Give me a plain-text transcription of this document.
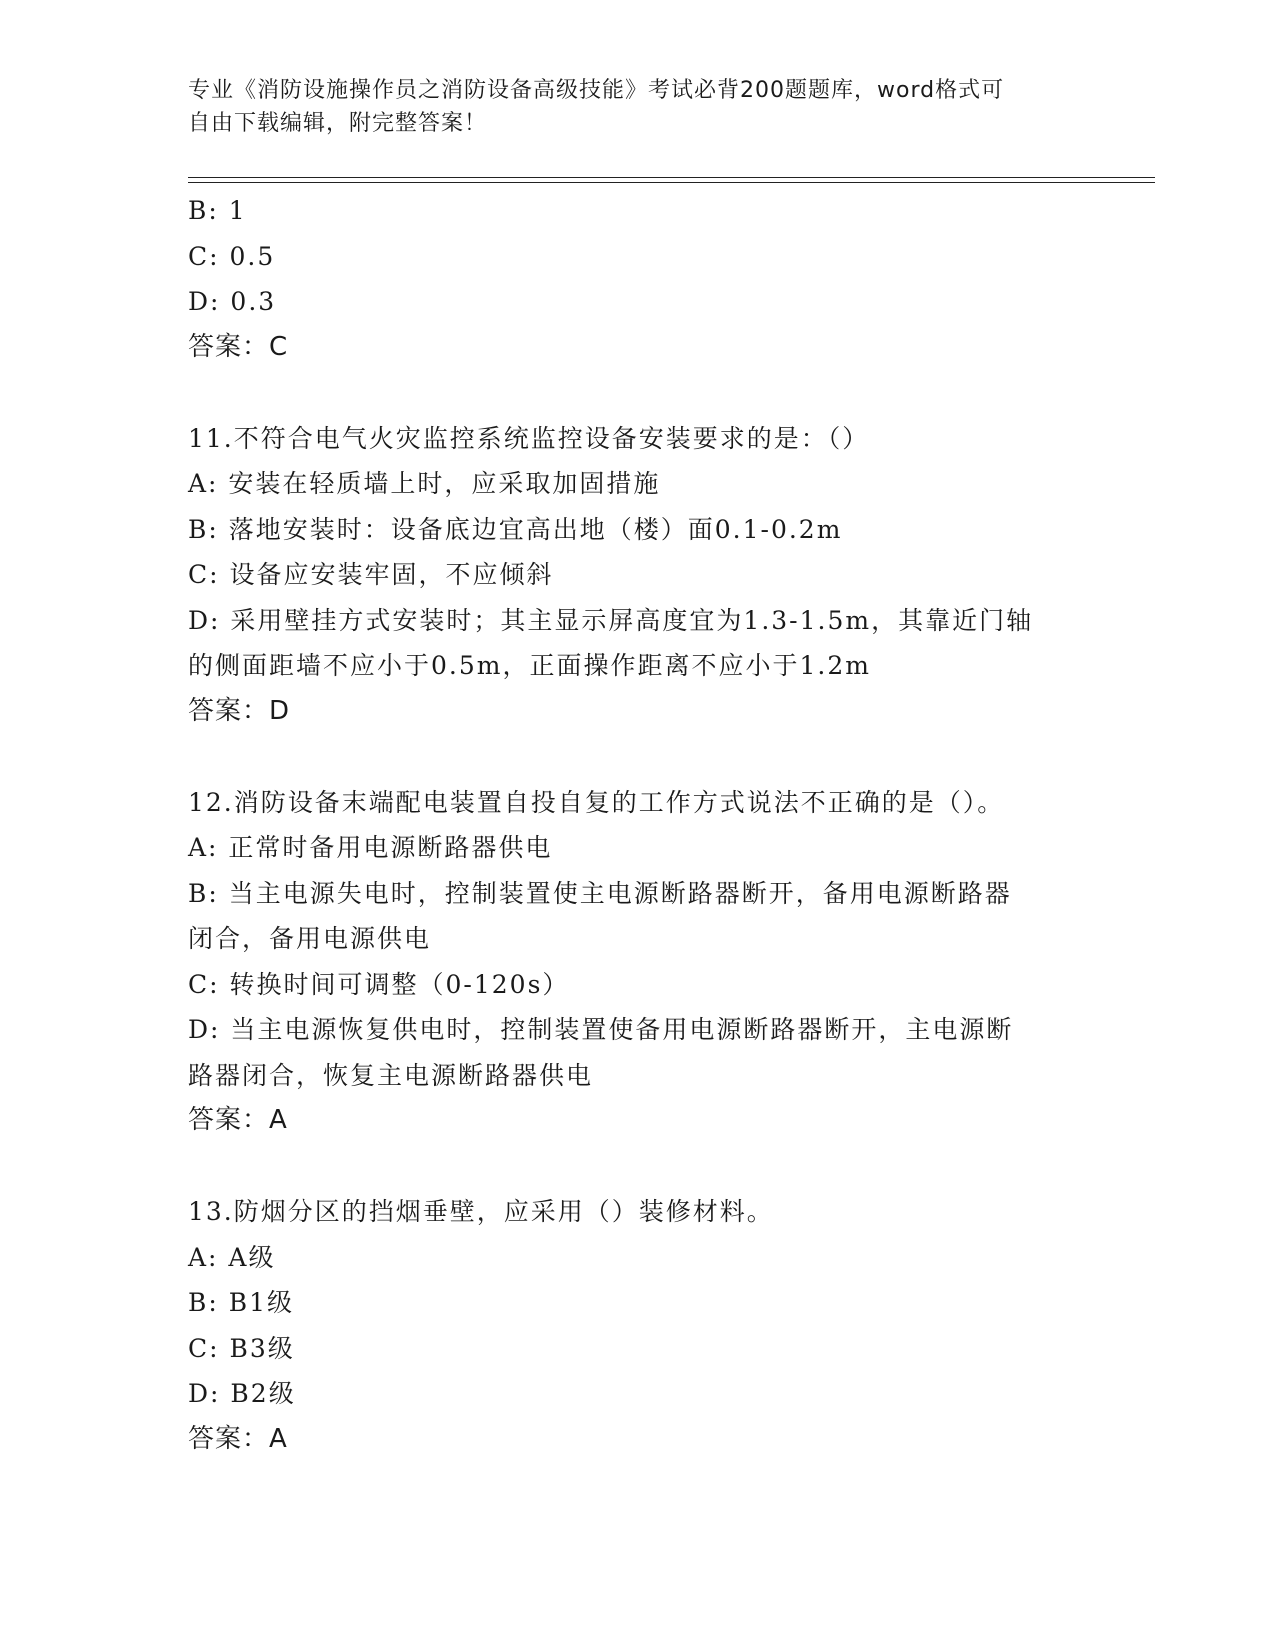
专业《消防设施操作员之消防设备高级技能》考试必背200题题库，word格式可
自由下载编辑，附完整答案！
B: 1
C: 0.5
D: 0.3
答案：C
11.不符合电气火灾监控系统监控设备安装要求的是：（）
A: 安装在轻质墙上时，应采取加固措施
B: 落地安装时：设备底边宜高出地（楼）面0.1-0.2m
C: 设备应安装牢固，不应倾斜
D: 采用壁挂方式安装时；其主显示屏高度宜为1.3-1.5m，其靠近门轴
的侧面距墙不应小于0.5m，正面操作距离不应小于1.2m
答案：D
12.消防设备末端配电装置自投自复的工作方式说法不正确的是（）。
A: 正常时备用电源断路器供电
B: 当主电源失电时，控制装置使主电源断路器断开，备用电源断路器
闭合，备用电源供电
C: 转换时间可调整（0-120s）
D: 当主电源恢复供电时，控制装置使备用电源断路器断开，主电源断
路器闭合，恢复主电源断路器供电
答案：A
13.防烟分区的挡烟垂壁，应采用（）装修材料。
A: A级
B: B1级
C: B3级
D: B2级
答案：A
